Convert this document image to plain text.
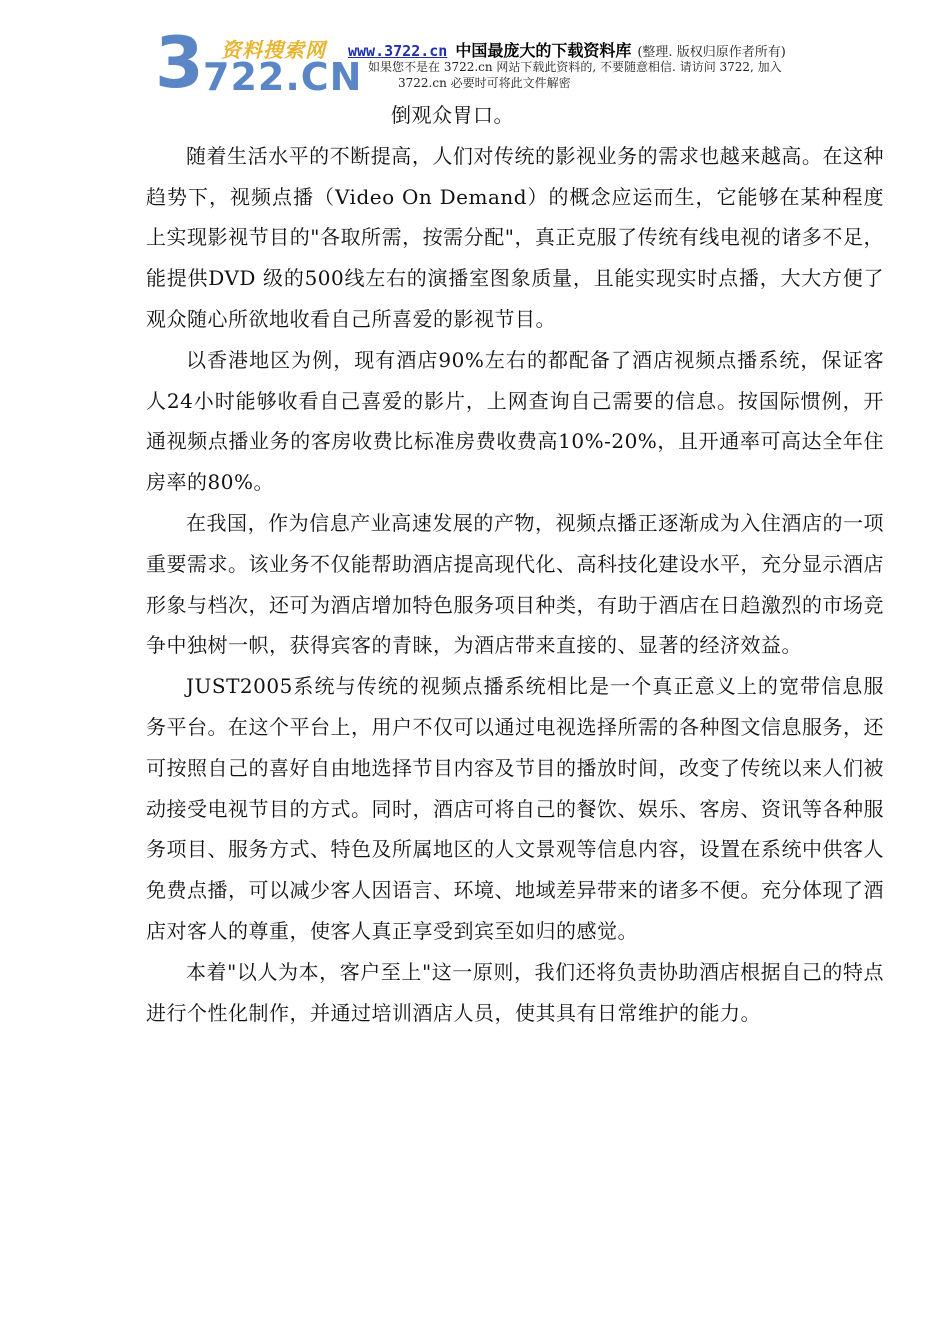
资料搜索网
3 722.CN
www.3722.cn 中国最庞大的下载资料库 (整理. 版权归原作者所有)
如果您不是在 3722.cn 网站下载此资料的, 不要随意相信. 请访问 3722, 加入
3722.cn 必要时可将此文件解密

倒观众胃口。

随着生活水平的不断提高，人们对传统的影视业务的需求也越来越高。在这种趋势下，视频点播（Video On Demand）的概念应运而生，它能够在某种程度上实现影视节目的"各取所需，按需分配"，真正克服了传统有线电视的诸多不足，能提供DVD 级的500线左右的演播室图象质量，且能实现实时点播，大大方便了观众随心所欲地收看自己所喜爱的影视节目。

以香港地区为例，现有酒店90%左右的都配备了酒店视频点播系统，保证客人24小时能够收看自己喜爱的影片，上网查询自己需要的信息。按国际惯例，开通视频点播业务的客房收费比标准房费收费高10%-20%，且开通率可高达全年住房率的80%。

在我国，作为信息产业高速发展的产物，视频点播正逐渐成为入住酒店的一项重要需求。该业务不仅能帮助酒店提高现代化、高科技化建设水平，充分显示酒店形象与档次，还可为酒店增加特色服务项目种类，有助于酒店在日趋激烈的市场竞争中独树一帜，获得宾客的青睐，为酒店带来直接的、显著的经济效益。

JUST2005系统与传统的视频点播系统相比是一个真正意义上的宽带信息服务平台。在这个平台上，用户不仅可以通过电视选择所需的各种图文信息服务，还可按照自己的喜好自由地选择节目内容及节目的播放时间，改变了传统以来人们被动接受电视节目的方式。同时，酒店可将自己的餐饮、娱乐、客房、资讯等各种服务项目、服务方式、特色及所属地区的人文景观等信息内容，设置在系统中供客人免费点播，可以减少客人因语言、环境、地域差异带来的诸多不便。充分体现了酒店对客人的尊重，使客人真正享受到宾至如归的感觉。

本着"以人为本，客户至上"这一原则，我们还将负责协助酒店根据自己的特点进行个性化制作，并通过培训酒店人员，使其具有日常维护的能力。
